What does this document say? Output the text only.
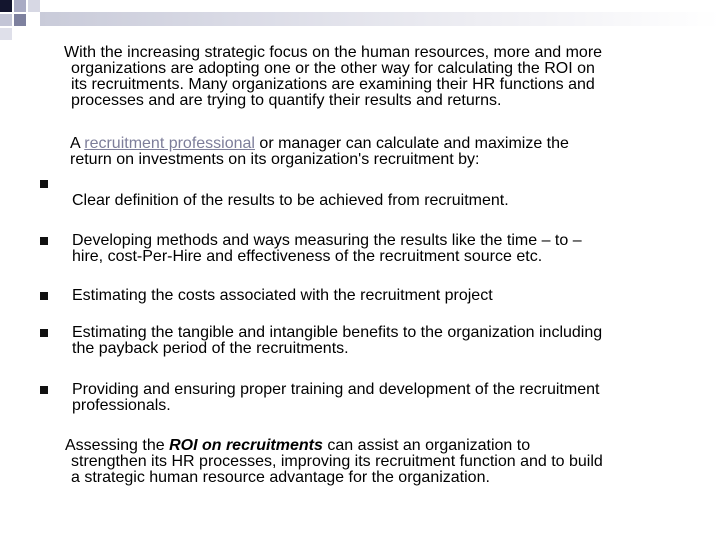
With the increasing strategic focus on the human resources, more and more
organizations are adopting one or the other way for calculating the ROI on
its recruitments. Many organizations are examining their HR functions and
processes and are trying to quantify their results and returns.
A recruitment professional or manager can calculate and maximize the
return on investments on its organization's recruitment by:
Clear definition of the results to be achieved from recruitment.
Developing methods and ways measuring the results like the time – to –
hire, cost-Per-Hire and effectiveness of the recruitment source etc.
Estimating the costs associated with the recruitment project
Estimating the tangible and intangible benefits to the organization including
the payback period of the recruitments.
Providing and ensuring proper training and development of the recruitment
professionals.
Assessing the ROI on recruitments can assist an organization to
strengthen its HR processes, improving its recruitment function and to build
a strategic human resource advantage for the organization.
